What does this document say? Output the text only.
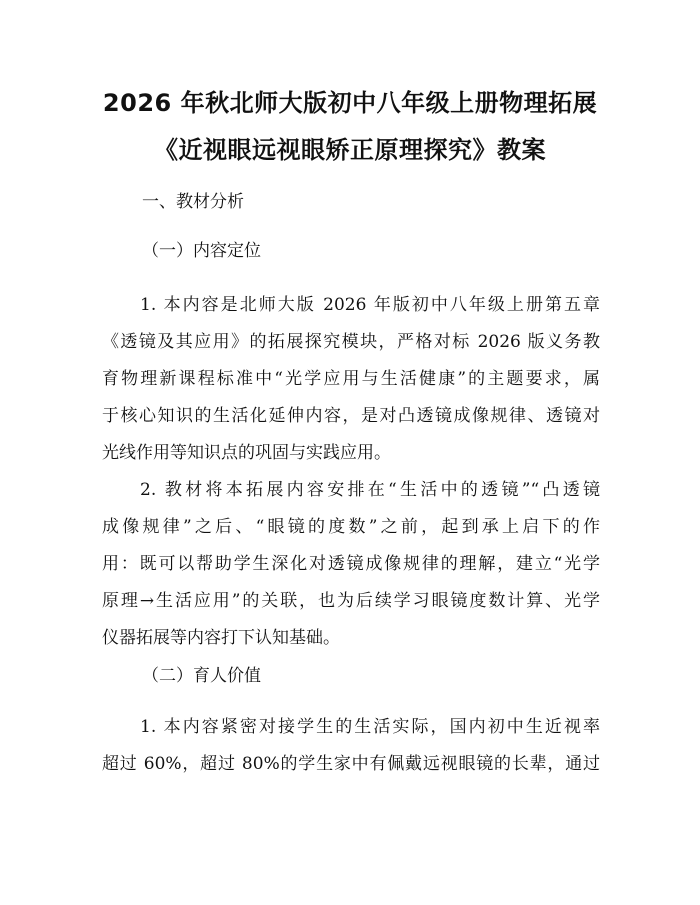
2026 年秋北师大版初中八年级上册物理拓展
《近视眼远视眼矫正原理探究》教案
一、教材分析
（一）内容定位
1. 本内容是北师大版 2026 年版初中八年级上册第五章
《透镜及其应用》的拓展探究模块，严格对标 2026 版义务教
育物理新课程标准中“光学应用与生活健康”的主题要求，属
于核心知识的生活化延伸内容，是对凸透镜成像规律、透镜对
光线作用等知识点的巩固与实践应用。
2. 教材将本拓展内容安排在“生活中的透镜”“凸透镜
成像规律”之后、“眼镜的度数”之前，起到承上启下的作
用：既可以帮助学生深化对透镜成像规律的理解，建立“光学
原理→生活应用”的关联，也为后续学习眼镜度数计算、光学
仪器拓展等内容打下认知基础。
（二）育人价值
1. 本内容紧密对接学生的生活实际，国内初中生近视率
超过 60%，超过 80%的学生家中有佩戴远视眼镜的长辈，通过
